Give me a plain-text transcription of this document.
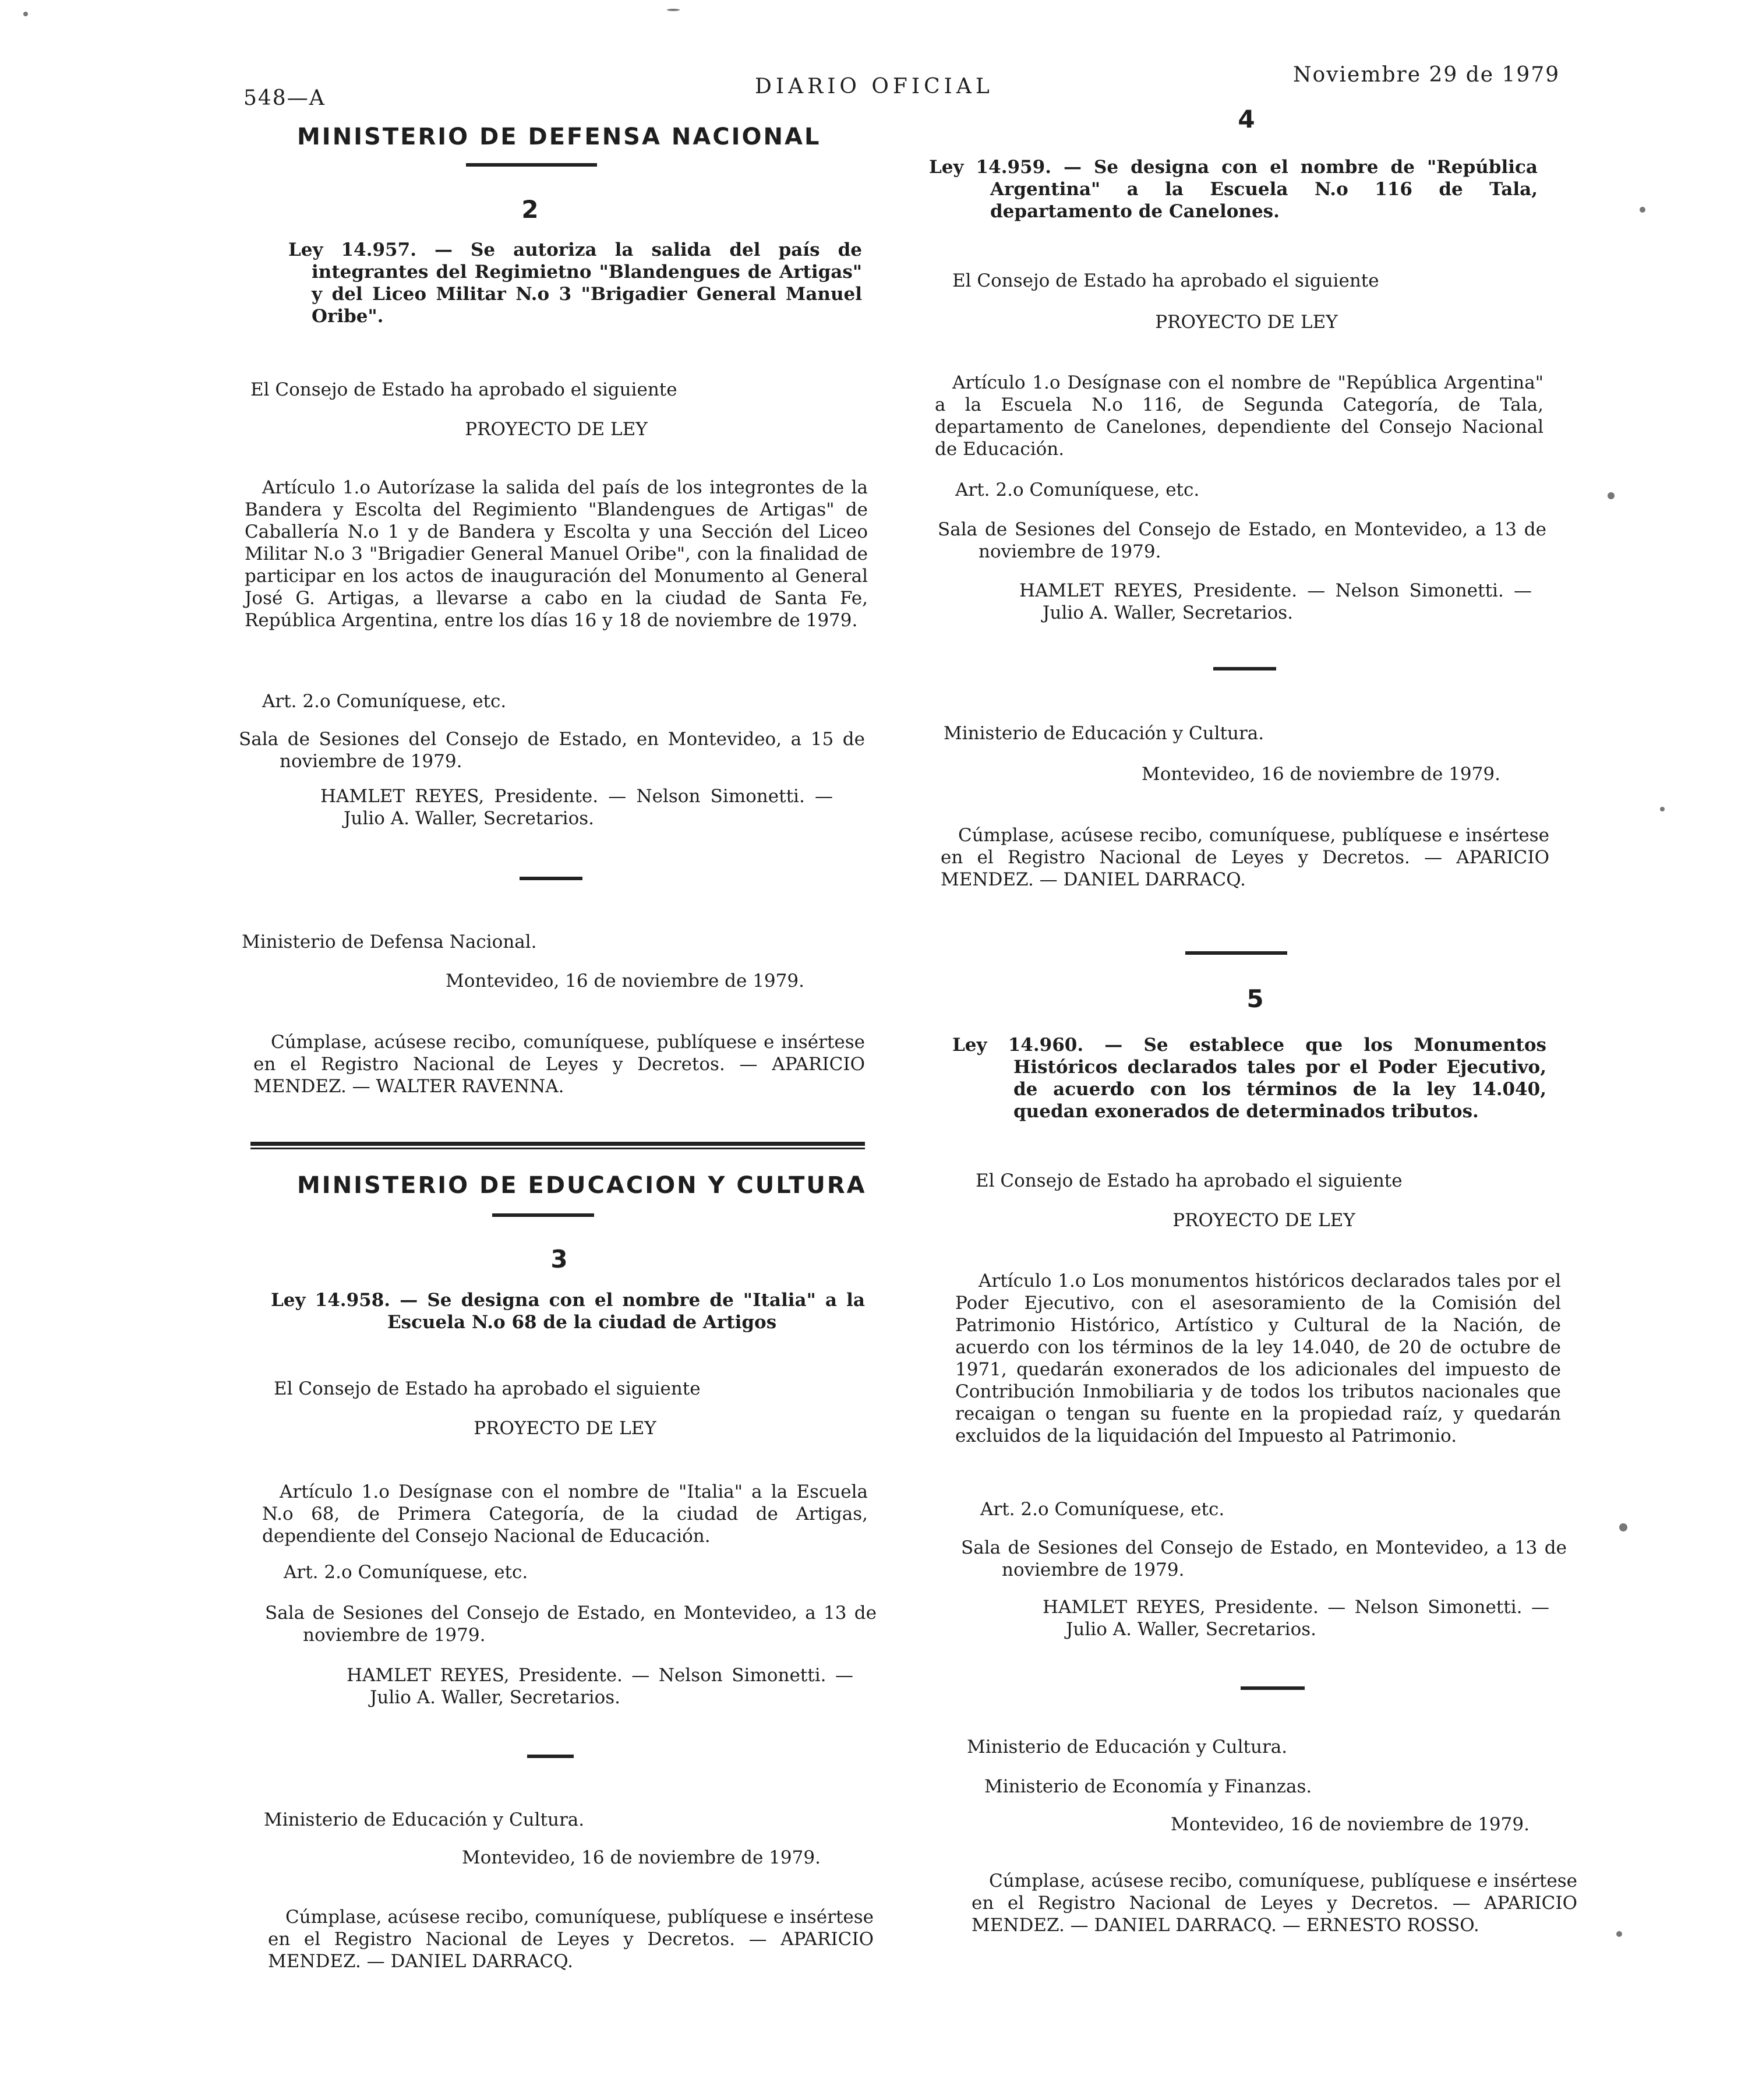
548—A	DIARIO OFICIAL	Noviembre 29 de 1979
MINISTERIO DE DEFENSA NACIONAL
2
Ley 14.957. — Se autoriza la salida del país de integrantes del Regimietno "Blandengues de Artigas" y del Liceo Militar N.o 3 "Brigadier General Manuel Oribe".
El Consejo de Estado ha aprobado el siguiente
PROYECTO DE LEY
Artículo 1.o Autorízase la salida del país de los integrontes de la Bandera y Escolta del Regimiento "Blandengues de Artigas" de Caballería N.o 1 y de Bandera y Escolta y una Sección del Liceo Militar N.o 3 "Brigadier General Manuel Oribe", con la finalidad de participar en los actos de inauguración del Monumento al General José G. Artigas, a llevarse a cabo en la ciudad de Santa Fe, República Argentina, entre los días 16 y 18 de noviembre de 1979.
Art. 2.o Comuníquese, etc.
Sala de Sesiones del Consejo de Estado, en Montevideo, a 15 de noviembre de 1979.
HAMLET REYES, Presidente. — Nelson Simonetti. — Julio A. Waller, Secretarios.
Ministerio de Defensa Nacional.
Montevideo, 16 de noviembre de 1979.
Cúmplase, acúsese recibo, comuníquese, publíquese e insértese en el Registro Nacional de Leyes y Decretos. — APARICIO MENDEZ. — WALTER RAVENNA.
MINISTERIO DE EDUCACION Y CULTURA
3
Ley 14.958. — Se designa con el nombre de "Italia" a la Escuela N.o 68 de la ciudad de Artigos
El Consejo de Estado ha aprobado el siguiente
PROYECTO DE LEY
Artículo 1.o Desígnase con el nombre de "Italia" a la Escuela N.o 68, de Primera Categoría, de la ciudad de Artigas, dependiente del Consejo Nacional de Educación.
Art. 2.o Comuníquese, etc.
Sala de Sesiones del Consejo de Estado, en Montevideo, a 13 de noviembre de 1979.
HAMLET REYES, Presidente. — Nelson Simonetti. — Julio A. Waller, Secretarios.
Ministerio de Educación y Cultura.
Montevideo, 16 de noviembre de 1979.
Cúmplase, acúsese recibo, comuníquese, publíquese e insértese en el Registro Nacional de Leyes y Decretos. — APARICIO MENDEZ. — DANIEL DARRACQ.
4
Ley 14.959. — Se designa con el nombre de "República Argentina" a la Escuela N.o 116 de Tala, departamento de Canelones.
El Consejo de Estado ha aprobado el siguiente
PROYECTO DE LEY
Artículo 1.o Desígnase con el nombre de "República Argentina" a la Escuela N.o 116, de Segunda Categoría, de Tala, departamento de Canelones, dependiente del Consejo Nacional de Educación.
Art. 2.o Comuníquese, etc.
Sala de Sesiones del Consejo de Estado, en Montevideo, a 13 de noviembre de 1979.
HAMLET REYES, Presidente. — Nelson Simonetti. — Julio A. Waller, Secretarios.
Ministerio de Educación y Cultura.
Montevideo, 16 de noviembre de 1979.
Cúmplase, acúsese recibo, comuníquese, publíquese e insértese en el Registro Nacional de Leyes y Decretos. — APARICIO MENDEZ. — DANIEL DARRACQ.
5
Ley 14.960. — Se establece que los Monumentos Históricos declarados tales por el Poder Ejecutivo, de acuerdo con los términos de la ley 14.040, quedan exonerados de determinados tributos.
El Consejo de Estado ha aprobado el siguiente
PROYECTO DE LEY
Artículo 1.o Los monumentos históricos declarados tales por el Poder Ejecutivo, con el asesoramiento de la Comisión del Patrimonio Histórico, Artístico y Cultural de la Nación, de acuerdo con los términos de la ley 14.040, de 20 de octubre de 1971, quedarán exonerados de los adicionales del impuesto de Contribución Inmobiliaria y de todos los tributos nacionales que recaigan o tengan su fuente en la propiedad raíz, y quedarán excluidos de la liquidación del Impuesto al Patrimonio.
Art. 2.o Comuníquese, etc.
Sala de Sesiones del Consejo de Estado, en Montevideo, a 13 de noviembre de 1979.
HAMLET REYES, Presidente. — Nelson Simonetti. — Julio A. Waller, Secretarios.
Ministerio de Educación y Cultura.
Ministerio de Economía y Finanzas.
Montevideo, 16 de noviembre de 1979.
Cúmplase, acúsese recibo, comuníquese, publíquese e insértese en el Registro Nacional de Leyes y Decretos. — APARICIO MENDEZ. — DANIEL DARRACQ. — ERNESTO ROSSO.
